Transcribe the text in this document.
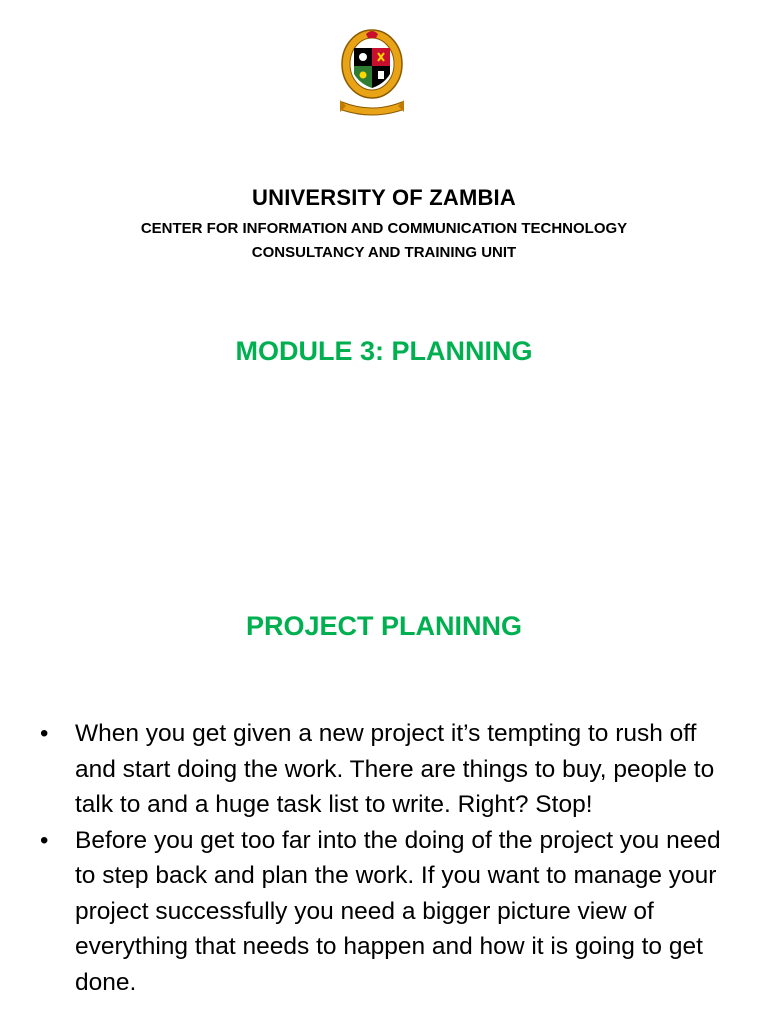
UNIVERSITY OF ZAMBIA
CENTER FOR INFORMATION AND COMMUNICATION TECHNOLOGY
CONSULTANCY AND TRAINING UNIT
MODULE 3: PLANNING
PROJECT PLANINNG
• When you get given a new project it’s tempting to rush off and start doing the work. There are things to buy, people to talk to and a huge task list to write. Right? Stop!
• Before you get too far into the doing of the project you need to step back and plan the work. If you want to manage your project successfully you need a bigger picture view of everything that needs to happen and how it is going to get done.
